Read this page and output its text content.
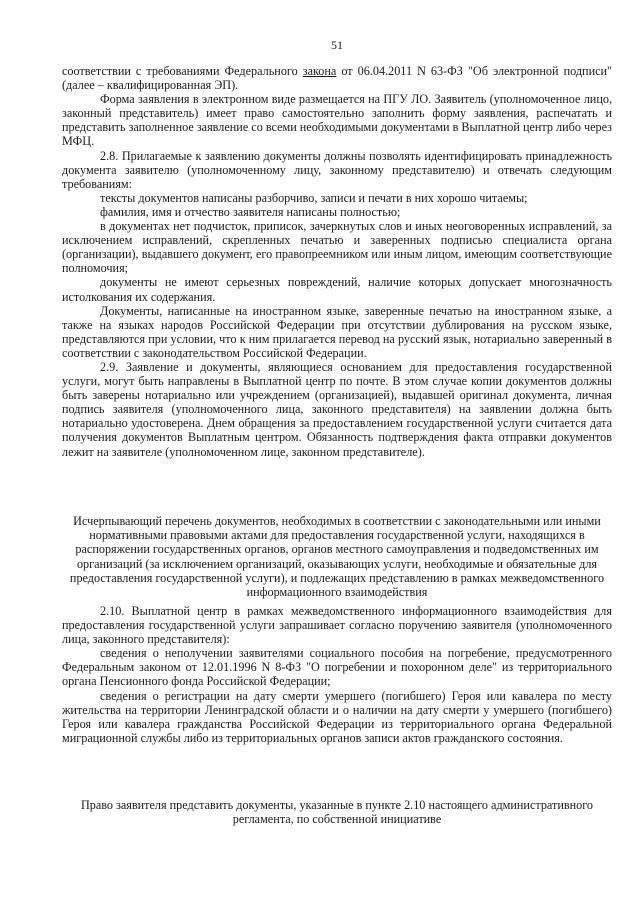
51

соответствии с требованиями Федерального закона от 06.04.2011 N 63-ФЗ "Об электронной подписи" (далее – квалифицированная ЭП).

Форма заявления в электронном виде размещается на ПГУ ЛО. Заявитель (уполномоченное лицо, законный представитель) имеет право самостоятельно заполнить форму заявления, распечатать и представить заполненное заявление со всеми необходимыми документами в Выплатной центр либо через МФЦ.

2.8. Прилагаемые к заявлению документы должны позволять идентифицировать принадлежность документа заявителю (уполномоченному лицу, законному представителю) и отвечать следующим требованиям:

тексты документов написаны разборчиво, записи и печати в них хорошо читаемы;

фамилия, имя и отчество заявителя написаны полностью;

в документах нет подчисток, приписок, зачеркнутых слов и иных неоговоренных исправлений, за исключением исправлений, скрепленных печатью и заверенных подписью специалиста органа (организации), выдавшего документ, его правопреемником или иным лицом, имеющим соответствующие полномочия;

документы не имеют серьезных повреждений, наличие которых допускает многозначность истолкования их содержания.

Документы, написанные на иностранном языке, заверенные печатью на иностранном языке, а также на языках народов Российской Федерации при отсутствии дублирования на русском языке, представляются при условии, что к ним прилагается перевод на русский язык, нотариально заверенный в соответствии с законодательством Российской Федерации.

2.9. Заявление и документы, являющиеся основанием для предоставления государственной услуги, могут быть направлены в Выплатной центр по почте. В этом случае копии документов должны быть заверены нотариально или учреждением (организацией), выдавшей оригинал документа, личная подпись заявителя (уполномоченного лица, законного представителя) на заявлении должна быть нотариально удостоверена. Днем обращения за предоставлением государственной услуги считается дата получения документов Выплатным центром. Обязанность подтверждения факта отправки документов лежит на заявителе (уполномоченном лице, законном представителе).

Исчерпывающий перечень документов, необходимых в соответствии с законодательными или иными нормативными правовыми актами для предоставления государственной услуги, находящихся в распоряжении государственных органов, органов местного самоуправления и подведомственных им организаций (за исключением организаций, оказывающих услуги, необходимые и обязательные для предоставления государственной услуги), и подлежащих представлению в рамках межведомственного информационного взаимодействия

2.10. Выплатной центр в рамках межведомственного информационного взаимодействия для предоставления государственной услуги запрашивает согласно поручению заявителя (уполномоченного лица, законного представителя):

сведения о неполучении заявителями социального пособия на погребение, предусмотренного Федеральным законом от 12.01.1996 N 8-ФЗ "О погребении и похоронном деле" из территориального органа Пенсионного фонда Российской Федерации;

сведения о регистрации на дату смерти умершего (погибшего) Героя или кавалера по месту жительства на территории Ленинградской области и о наличии на дату смерти у умершего (погибшего) Героя или кавалера гражданства Российской Федерации из территориального органа Федеральной миграционной службы либо из территориальных органов записи актов гражданского состояния.

Право заявителя представить документы, указанные в пункте 2.10 настоящего административного регламента, по собственной инициативе
